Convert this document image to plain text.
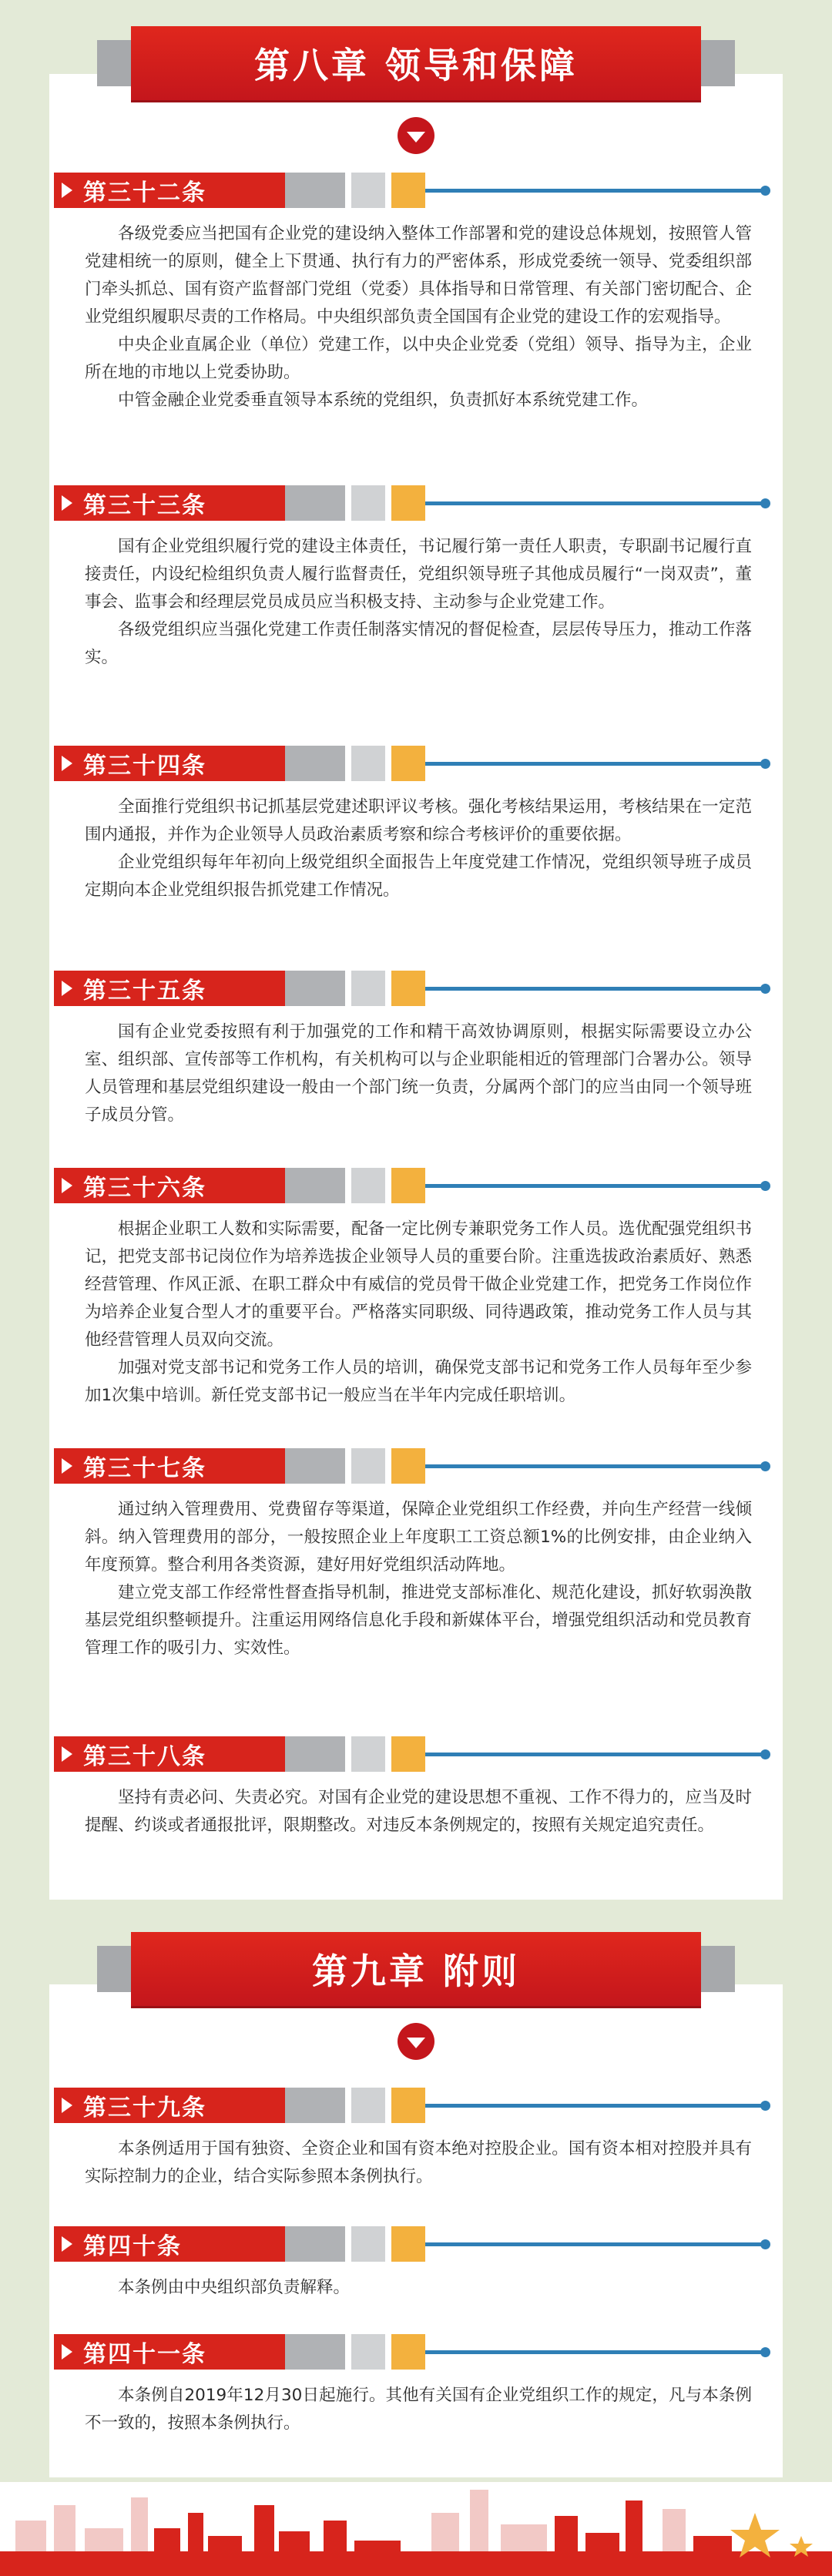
第八章 领导和保障
第三十二条

各级党委应当把国有企业党的建设纳入整体工作部署和党的建设总体规划，按照管人管党建相统一的原则，健全上下贯通、执行有力的严密体系，形成党委统一领导、党委组织部门牵头抓总、国有资产监督部门党组（党委）具体指导和日常管理、有关部门密切配合、企业党组织履职尽责的工作格局。中央组织部负责全国国有企业党的建设工作的宏观指导。

中央企业直属企业（单位）党建工作，以中央企业党委（党组）领导、指导为主，企业所在地的市地以上党委协助。

中管金融企业党委垂直领导本系统的党组织，负责抓好本系统党建工作。

第三十三条

国有企业党组织履行党的建设主体责任，书记履行第一责任人职责，专职副书记履行直接责任，内设纪检组织负责人履行监督责任，党组织领导班子其他成员履行“一岗双责”，董事会、监事会和经理层党员成员应当积极支持、主动参与企业党建工作。

各级党组织应当强化党建工作责任制落实情况的督促检查，层层传导压力，推动工作落实。

第三十四条

全面推行党组织书记抓基层党建述职评议考核。强化考核结果运用，考核结果在一定范围内通报，并作为企业领导人员政治素质考察和综合考核评价的重要依据。

企业党组织每年年初向上级党组织全面报告上年度党建工作情况，党组织领导班子成员定期向本企业党组织报告抓党建工作情况。

第三十五条

国有企业党委按照有利于加强党的工作和精干高效协调原则，根据实际需要设立办公室、组织部、宣传部等工作机构，有关机构可以与企业职能相近的管理部门合署办公。领导人员管理和基层党组织建设一般由一个部门统一负责，分属两个部门的应当由同一个领导班子成员分管。

第三十六条

根据企业职工人数和实际需要，配备一定比例专兼职党务工作人员。选优配强党组织书记，把党支部书记岗位作为培养选拔企业领导人员的重要台阶。注重选拔政治素质好、熟悉经营管理、作风正派、在职工群众中有威信的党员骨干做企业党建工作，把党务工作岗位作为培养企业复合型人才的重要平台。严格落实同职级、同待遇政策，推动党务工作人员与其他经营管理人员双向交流。

加强对党支部书记和党务工作人员的培训，确保党支部书记和党务工作人员每年至少参加1次集中培训。新任党支部书记一般应当在半年内完成任职培训。

第三十七条

通过纳入管理费用、党费留存等渠道，保障企业党组织工作经费，并向生产经营一线倾斜。纳入管理费用的部分，一般按照企业上年度职工工资总额1%的比例安排，由企业纳入年度预算。整合利用各类资源，建好用好党组织活动阵地。

建立党支部工作经常性督查指导机制，推进党支部标准化、规范化建设，抓好软弱涣散基层党组织整顿提升。注重运用网络信息化手段和新媒体平台，增强党组织活动和党员教育管理工作的吸引力、实效性。

第三十八条

坚持有责必问、失责必究。对国有企业党的建设思想不重视、工作不得力的，应当及时提醒、约谈或者通报批评，限期整改。对违反本条例规定的，按照有关规定追究责任。

第九章 附则
第三十九条

本条例适用于国有独资、全资企业和国有资本绝对控股企业。国有资本相对控股并具有实际控制力的企业，结合实际参照本条例执行。

第四十条

本条例由中央组织部负责解释。

第四十一条

本条例自2019年12月30日起施行。其他有关国有企业党组织工作的规定，凡与本条例不一致的，按照本条例执行。
